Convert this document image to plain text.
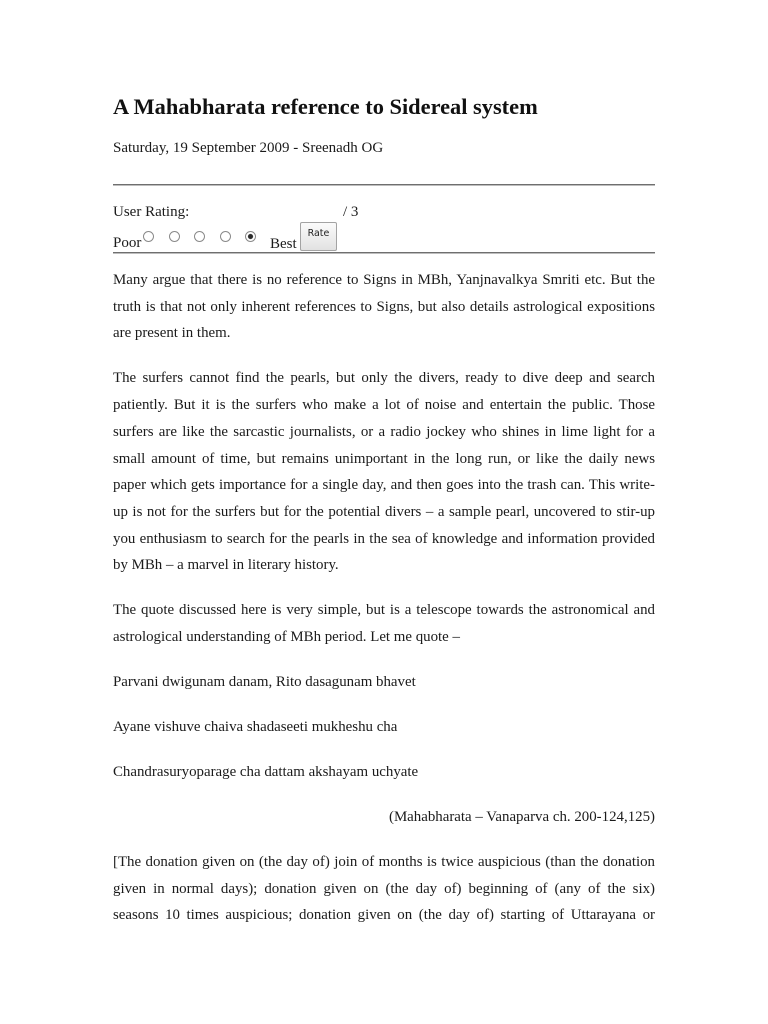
A Mahabharata reference to Sidereal system
Saturday, 19 September 2009 - Sreenadh OG
User Rating:	/ 3
Poor	Best
Rate
Many argue that there is no reference to Signs in MBh, Yanjnavalkya Smriti etc. But the
truth is that not only inherent references to Signs, but also details astrological expositions
are present in them.
The surfers cannot find the pearls, but only the divers, ready to dive deep and search
patiently. But it is the surfers who make a lot of noise and entertain the public. Those
surfers are like the sarcastic journalists, or a radio jockey who shines in lime light for a
small amount of time, but remains unimportant in the long run, or like the daily news
paper which gets importance for a single day, and then goes into the trash can. This write-
up is not for the surfers but for the potential divers – a sample pearl, uncovered to stir-up
you enthusiasm to search for the pearls in the sea of knowledge and information provided
by MBh – a marvel in literary history.
The quote discussed here is very simple, but is a telescope towards the astronomical and
astrological understanding of MBh period. Let me quote –
Parvani dwigunam danam, Rito dasagunam bhavet
Ayane vishuve chaiva shadaseeti mukheshu cha
Chandrasuryoparage cha dattam akshayam uchyate
(Mahabharata – Vanaparva ch. 200-124,125)
[The donation given on (the day of) join of months is twice auspicious (than the donation
given in normal days); donation given on (the day of) beginning of (any of the six)
seasons 10 times auspicious; donation given on (the day of) starting of Uttarayana or
